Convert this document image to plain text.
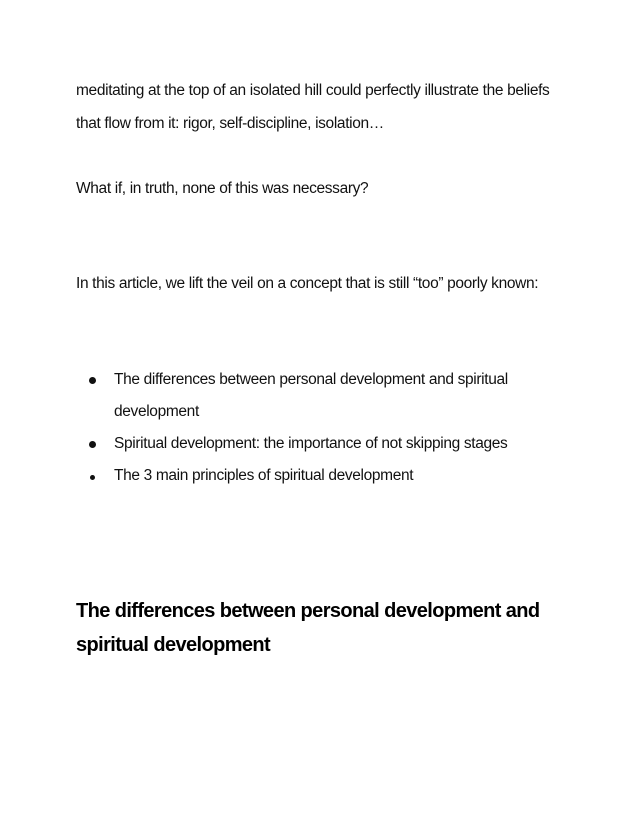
meditating at the top of an isolated hill could perfectly illustrate the beliefs that flow from it: rigor, self-discipline, isolation…

What if, in truth, none of this was necessary?

In this article, we lift the veil on a concept that is still “too” poorly known:

The differences between personal development and spiritual development
Spiritual development: the importance of not skipping stages
The 3 main principles of spiritual development
The differences between personal development and spiritual development
